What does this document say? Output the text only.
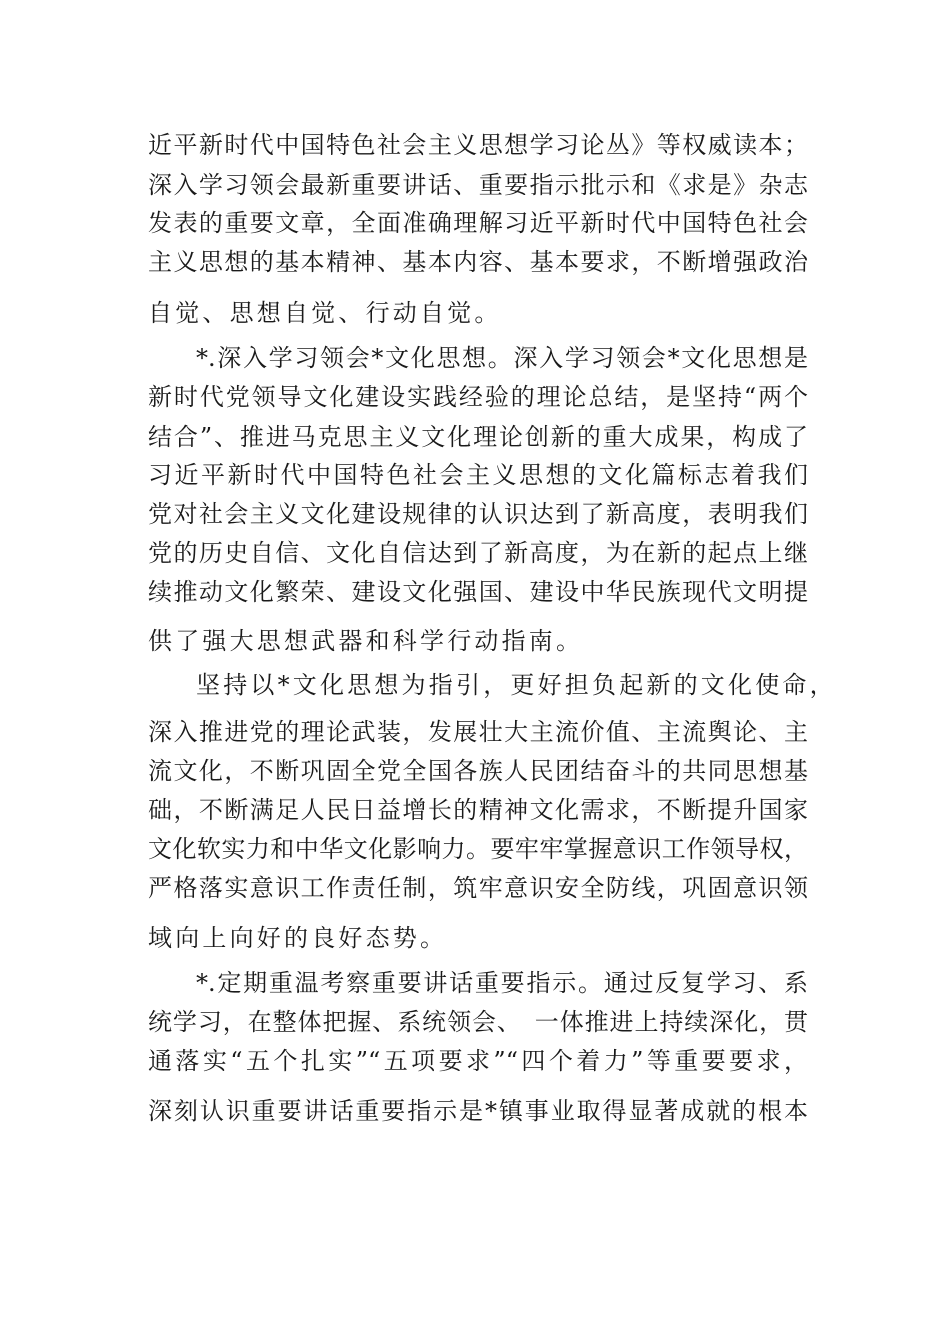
近平新时代中国特色社会主义思想学习论丛》等权威读本；
深入学习领会最新重要讲话、重要指示批示和《求是》杂志
发表的重要文章，全面准确理解习近平新时代中国特色社会
主义思想的基本精神、基本内容、基本要求，不断增强政治
自觉、思想自觉、行动自觉。
*.深入学习领会*文化思想。深入学习领会*文化思想是
新时代党领导文化建设实践经验的理论总结，是坚持“两个
结合”、推进马克思主义文化理论创新的重大成果，构成了
习近平新时代中国特色社会主义思想的文化篇标志着我们
党对社会主义文化建设规律的认识达到了新高度，表明我们
党的历史自信、文化自信达到了新高度，为在新的起点上继
续推动文化繁荣、建设文化强国、建设中华民族现代文明提
供了强大思想武器和科学行动指南。
坚持以*文化思想为指引，更好担负起新的文化使命，
深入推进党的理论武装，发展壮大主流价值、主流舆论、主
流文化，不断巩固全党全国各族人民团结奋斗的共同思想基
础，不断满足人民日益增长的精神文化需求，不断提升国家
文化软实力和中华文化影响力。要牢牢掌握意识工作领导权，
严格落实意识工作责任制，筑牢意识安全防线，巩固意识领
域向上向好的良好态势。
*.定期重温考察重要讲话重要指示。通过反复学习、系
统学习，在整体把握、系统领会、　一体推进上持续深化，贯
通落实“五个扎实”“五项要求”“四个着力”等重要要求，
深刻认识重要讲话重要指示是*镇事业取得显著成就的根本
